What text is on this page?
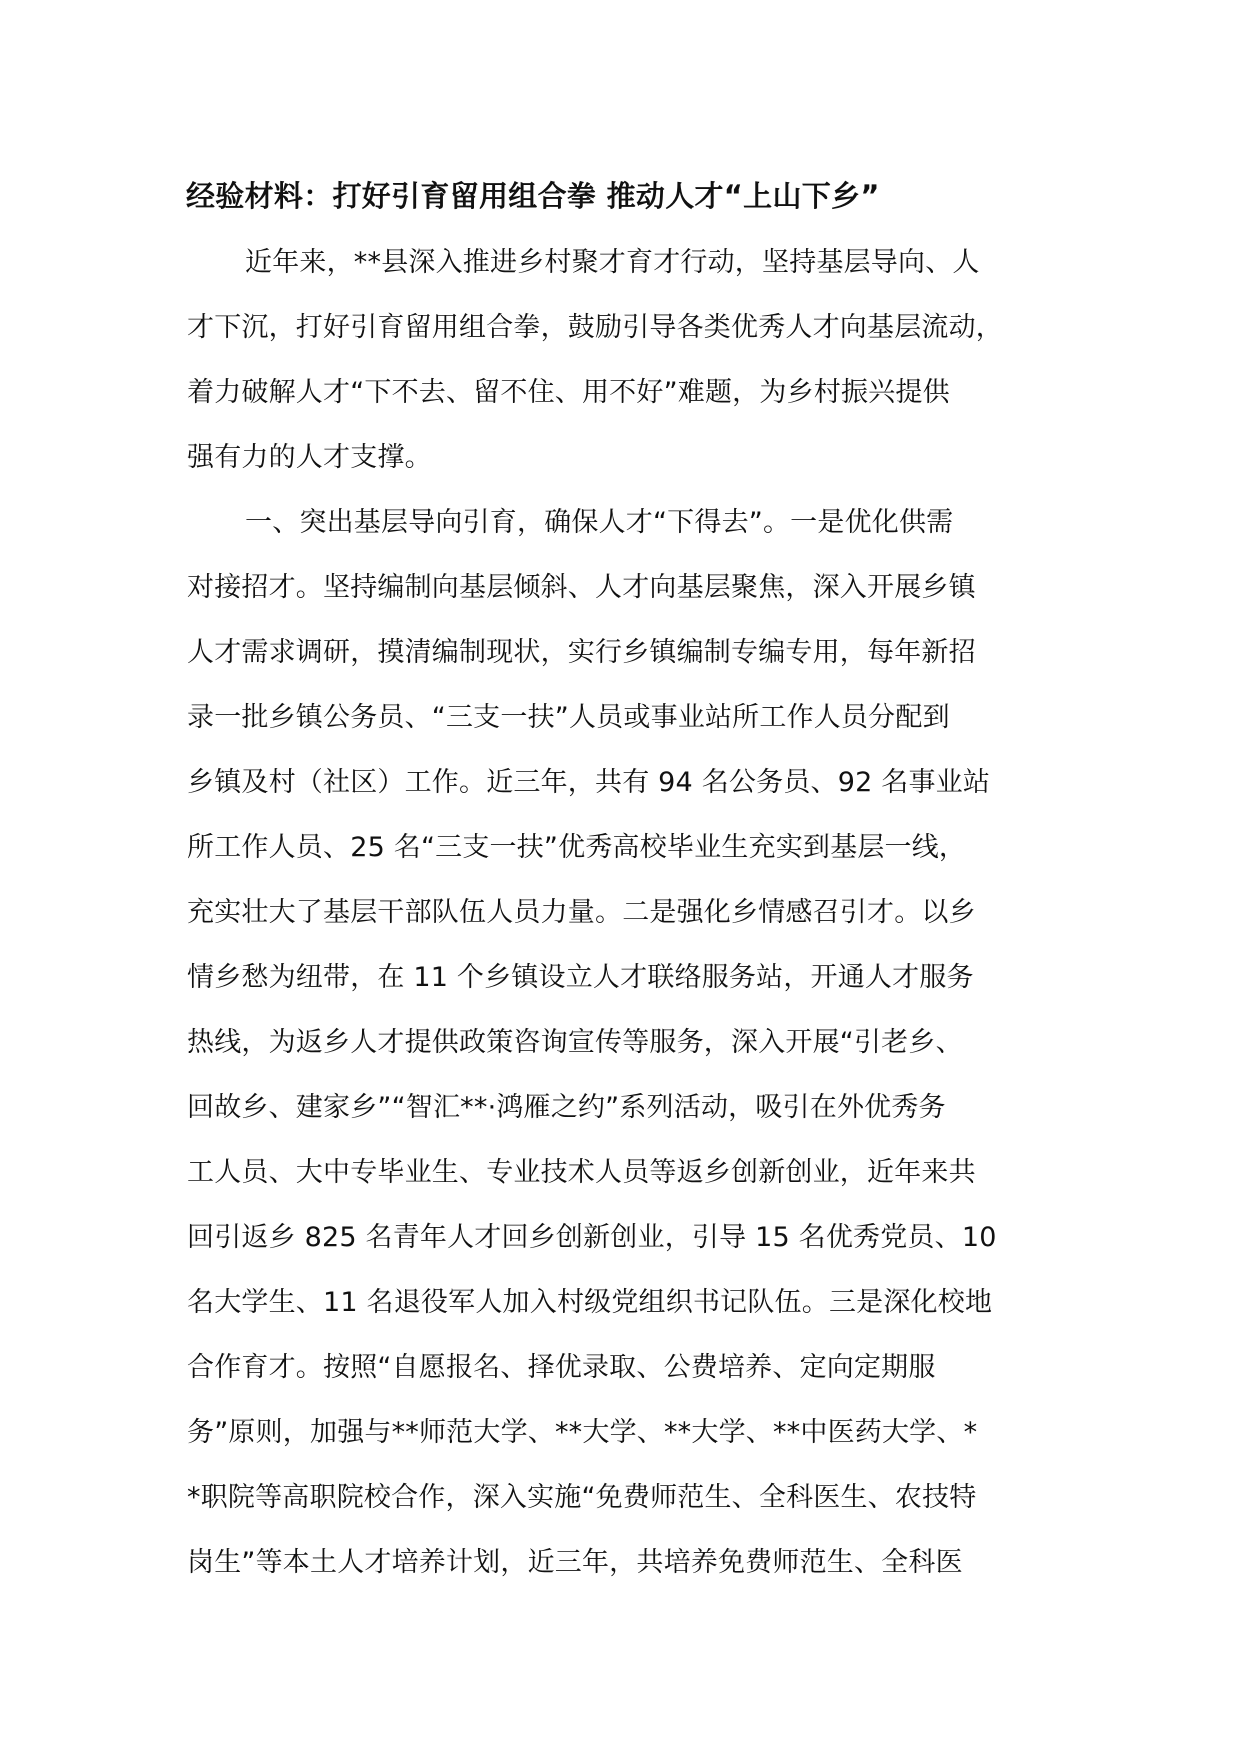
经验材料：打好引育留用组合拳 推动人才“上山下乡”
近年来，**县深入推进乡村聚才育才行动，坚持基层导向、人
才下沉，打好引育留用组合拳，鼓励引导各类优秀人才向基层流动，
着力破解人才“下不去、留不住、用不好”难题，为乡村振兴提供
强有力的人才支撑。
一、突出基层导向引育，确保人才“下得去”。一是优化供需
对接招才。坚持编制向基层倾斜、人才向基层聚焦，深入开展乡镇
人才需求调研，摸清编制现状，实行乡镇编制专编专用，每年新招
录一批乡镇公务员、“三支一扶”人员或事业站所工作人员分配到
乡镇及村（社区）工作。近三年，共有 94 名公务员、92 名事业站
所工作人员、25 名“三支一扶”优秀高校毕业生充实到基层一线，
充实壮大了基层干部队伍人员力量。二是强化乡情感召引才。以乡
情乡愁为纽带，在 11 个乡镇设立人才联络服务站，开通人才服务
热线，为返乡人才提供政策咨询宣传等服务，深入开展“引老乡、
回故乡、建家乡”“智汇**·鸿雁之约”系列活动，吸引在外优秀务
工人员、大中专毕业生、专业技术人员等返乡创新创业，近年来共
回引返乡 825 名青年人才回乡创新创业，引导 15 名优秀党员、10
名大学生、11 名退役军人加入村级党组织书记队伍。三是深化校地
合作育才。按照“自愿报名、择优录取、公费培养、定向定期服
务”原则，加强与**师范大学、**大学、**大学、**中医药大学、*
*职院等高职院校合作，深入实施“免费师范生、全科医生、农技特
岗生”等本土人才培养计划，近三年，共培养免费师范生、全科医
